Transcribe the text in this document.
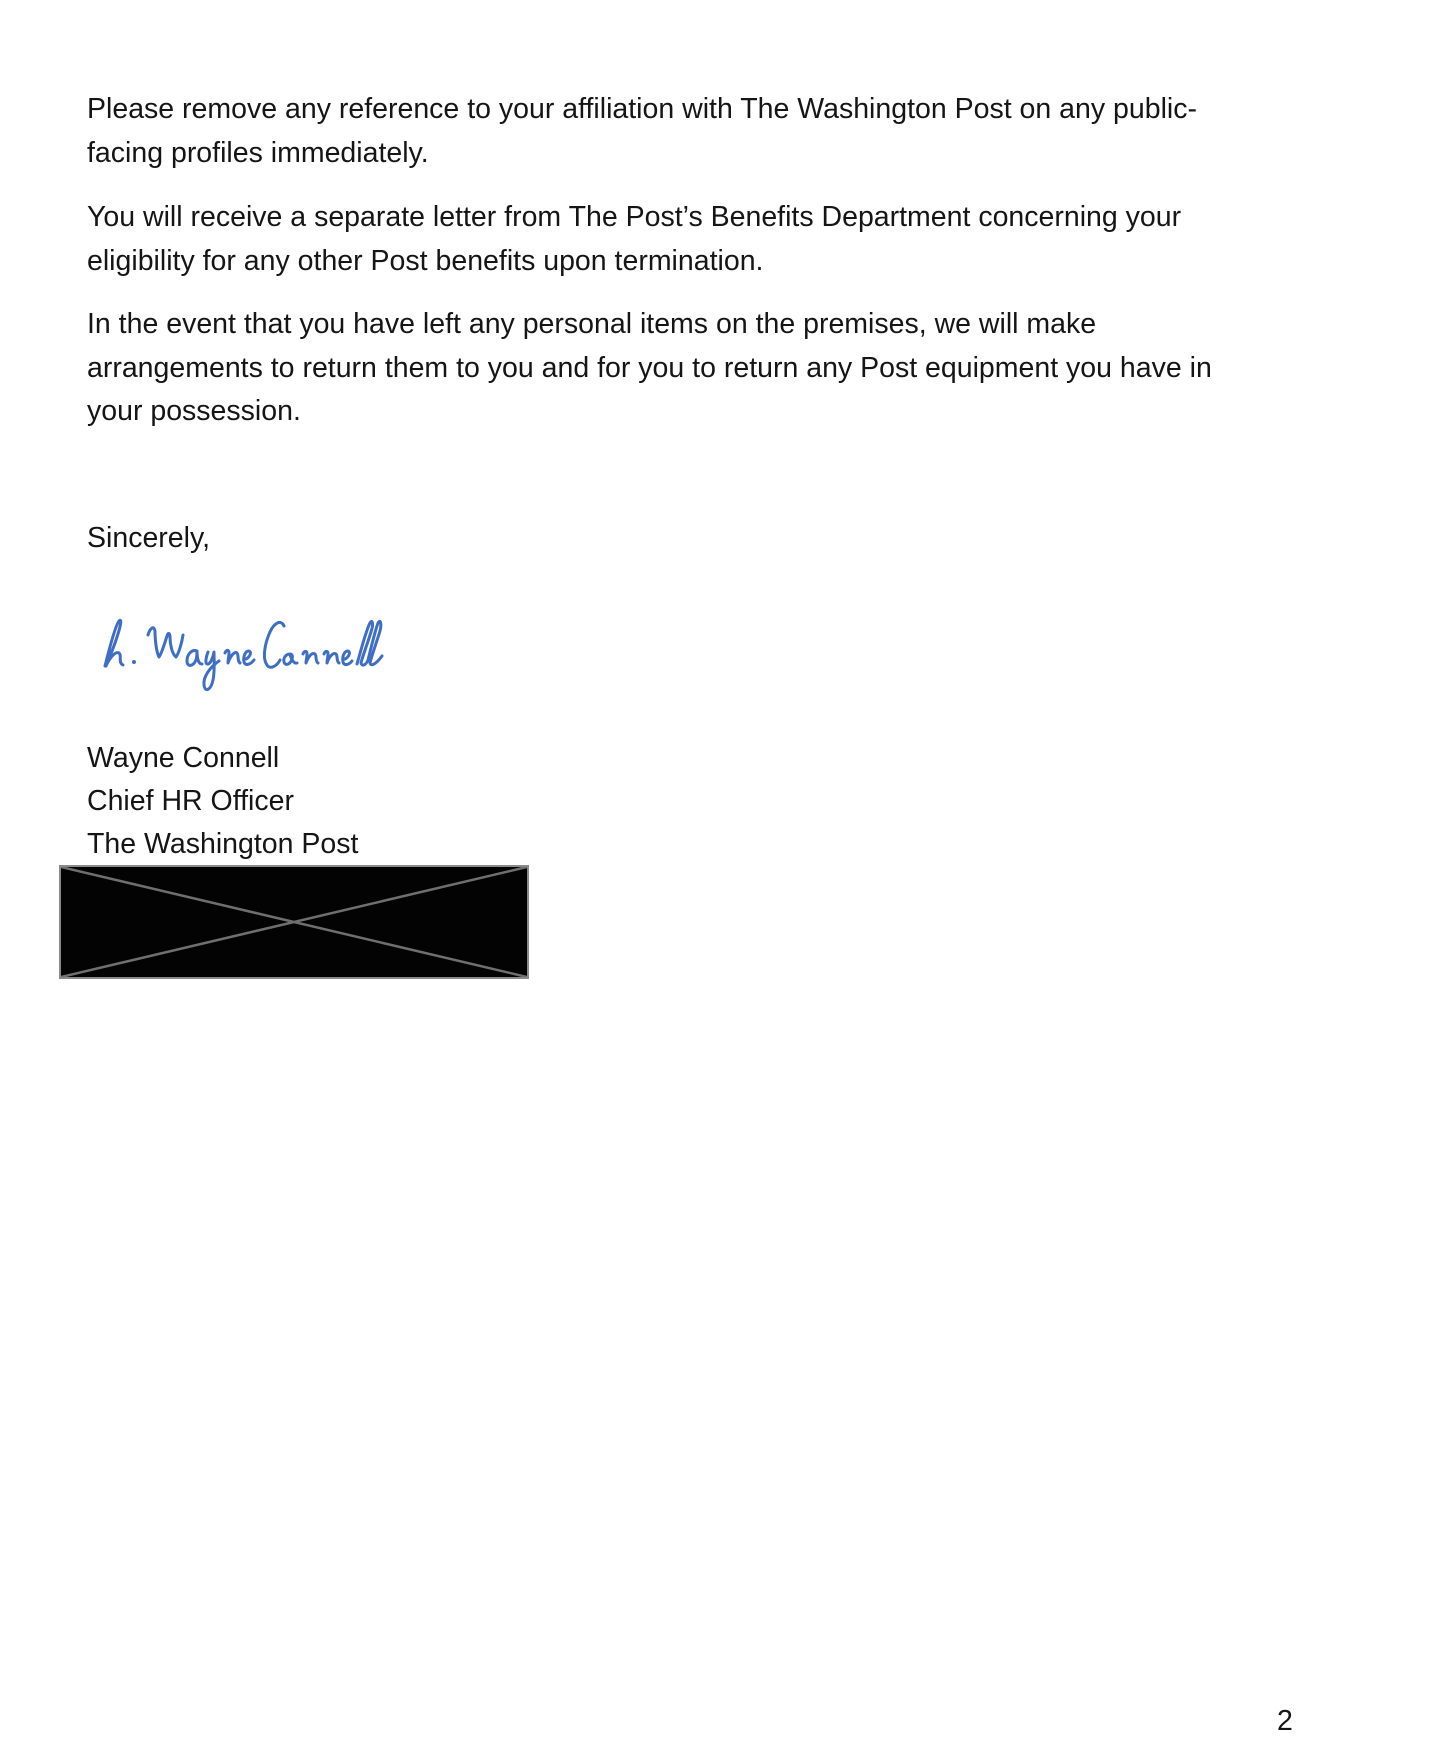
Please remove any reference to your affiliation with The Washington Post on any public-
facing profiles immediately.
You will receive a separate letter from The Post’s Benefits Department concerning your
eligibility for any other Post benefits upon termination.
In the event that you have left any personal items on the premises, we will make
arrangements to return them to you and for you to return any Post equipment you have in
your possession.
Sincerely,
Wayne Connell
Chief HR Officer
The Washington Post
2
